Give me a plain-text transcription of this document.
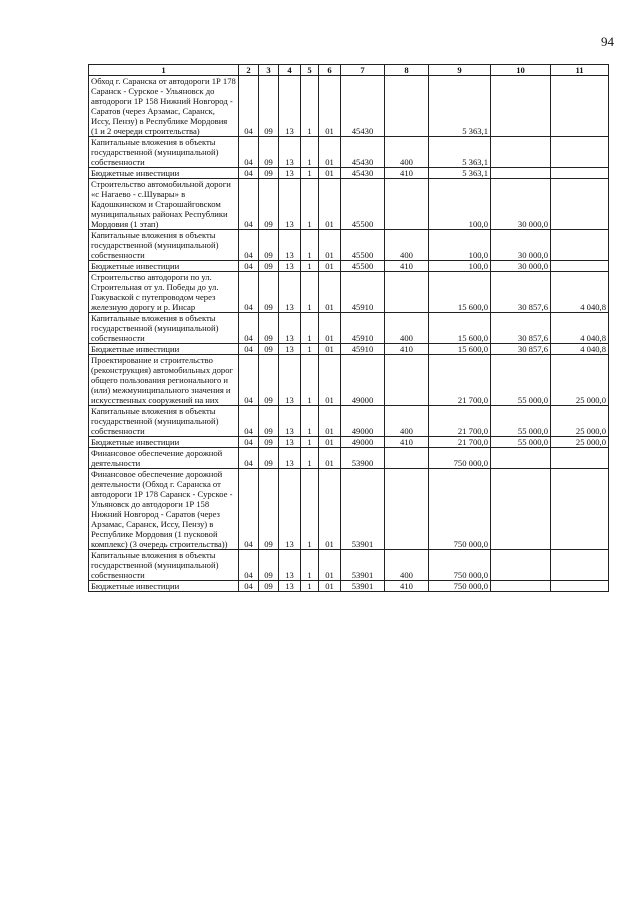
94
1	2	3	4	5	6	7	8	9	10	11
Обход г. Саранска от автодороги 1Р 178 Саранск - Сурское - Ульяновск до автодороги 1Р 158 Нижний Новгород - Саратов (через Арзамас, Саранск, Иссу, Пензу) в Республике Мордовия (1 и 2 очереди строительства)	04	09	13	1	01	45430		5 363,1		
Капитальные вложения в объекты государственной (муниципальной) собственности	04	09	13	1	01	45430	400	5 363,1		
Бюджетные инвестиции	04	09	13	1	01	45430	410	5 363,1		
Строительство автомобильной дороги «с Нагаево - с.Шувары» в Кадошкинском и Старошайговском муниципальных районах Республики Мордовия (1 этап)	04	09	13	1	01	45500		100,0	30 000,0	
Капитальные вложения в объекты государственной (муниципальной) собственности	04	09	13	1	01	45500	400	100,0	30 000,0	
Бюджетные инвестиции	04	09	13	1	01	45500	410	100,0	30 000,0	
Строительство автодороги по ул. Строительная от ул. Победы до ул. Гожуваской с путепроводом через железную дорогу и р. Инсар	04	09	13	1	01	45910		15 600,0	30 857,6	4 040,8
Капитальные вложения в объекты государственной (муниципальной) собственности	04	09	13	1	01	45910	400	15 600,0	30 857,6	4 040,8
Бюджетные инвестиции	04	09	13	1	01	45910	410	15 600,0	30 857,6	4 040,8
Проектирование и строительство (реконструкция) автомобильных дорог общего пользования регионального и (или) межмуниципального значения и искусственных сооружений на них	04	09	13	1	01	49000		21 700,0	55 000,0	25 000,0
Капитальные вложения в объекты государственной (муниципальной) собственности	04	09	13	1	01	49000	400	21 700,0	55 000,0	25 000,0
Бюджетные инвестиции	04	09	13	1	01	49000	410	21 700,0	55 000,0	25 000,0
Финансовое обеспечение дорожной деятельности	04	09	13	1	01	53900		750 000,0		
Финансовое обеспечение дорожной деятельности (Обход г. Саранска от автодороги 1Р 178 Саранск - Сурское - Ульяновск до автодороги 1Р 158 Нижний Новгород - Саратов (через Арзамас, Саранск, Иссу, Пензу) в Республике Мордовия (1 пусковой комплекс) (3 очередь строительства))	04	09	13	1	01	53901		750 000,0		
Капитальные вложения в объекты государственной (муниципальной) собственности	04	09	13	1	01	53901	400	750 000,0		
Бюджетные инвестиции	04	09	13	1	01	53901	410	750 000,0		
